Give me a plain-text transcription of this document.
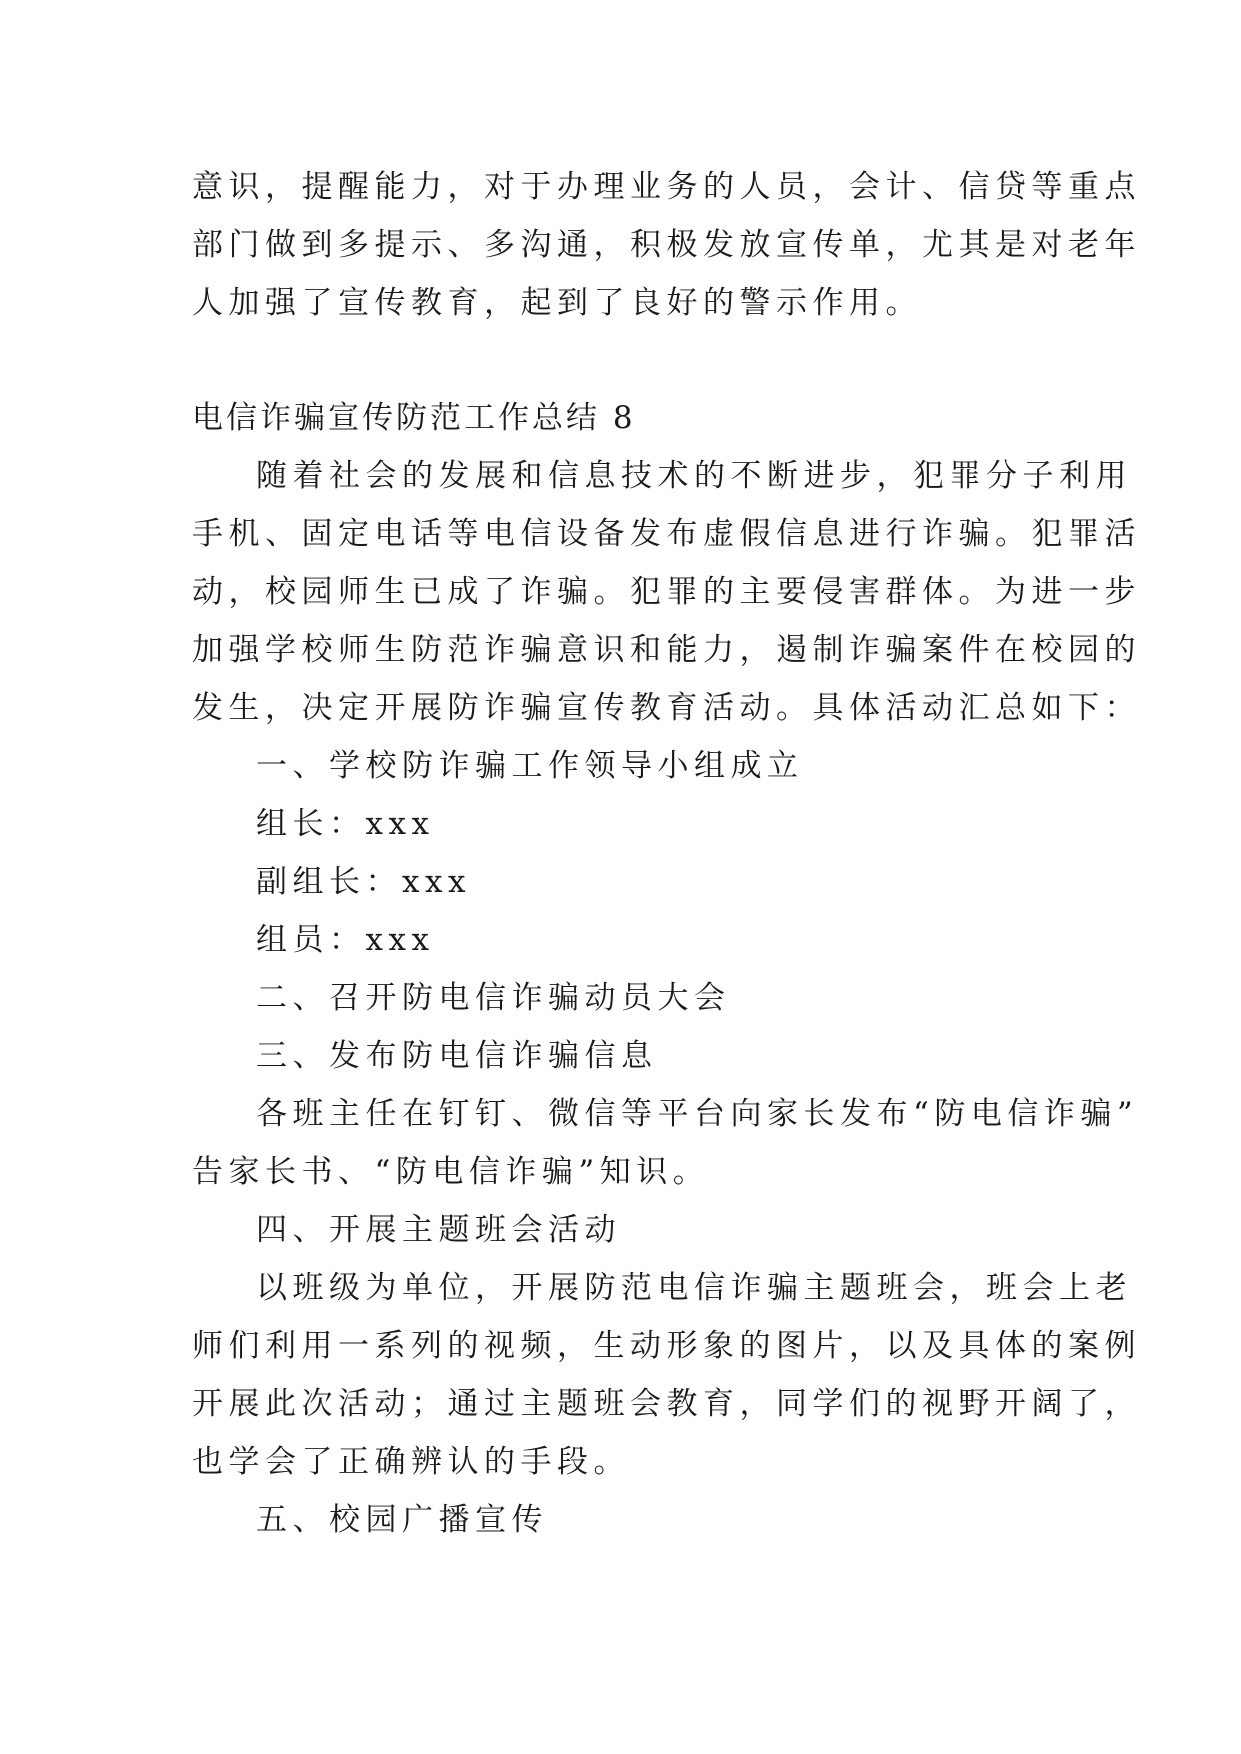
意识，提醒能力，对于办理业务的人员，会计、信贷等重点
部门做到多提示、多沟通，积极发放宣传单，尤其是对老年
人加强了宣传教育，起到了良好的警示作用。
电信诈骗宣传防范工作总结 8
随着社会的发展和信息技术的不断进步，犯罪分子利用
手机、固定电话等电信设备发布虚假信息进行诈骗。犯罪活
动，校园师生已成了诈骗。犯罪的主要侵害群体。为进一步
加强学校师生防范诈骗意识和能力，遏制诈骗案件在校园的
发生，决定开展防诈骗宣传教育活动。具体活动汇总如下：
一、学校防诈骗工作领导小组成立
组长：xxx
副组长：xxx
组员：xxx
二、召开防电信诈骗动员大会
三、发布防电信诈骗信息
各班主任在钉钉、微信等平台向家长发布“防电信诈骗”
告家长书、“防电信诈骗”知识。
四、开展主题班会活动
以班级为单位，开展防范电信诈骗主题班会，班会上老
师们利用一系列的视频，生动形象的图片，以及具体的案例
开展此次活动；通过主题班会教育，同学们的视野开阔了，
也学会了正确辨认的手段。
五、校园广播宣传
